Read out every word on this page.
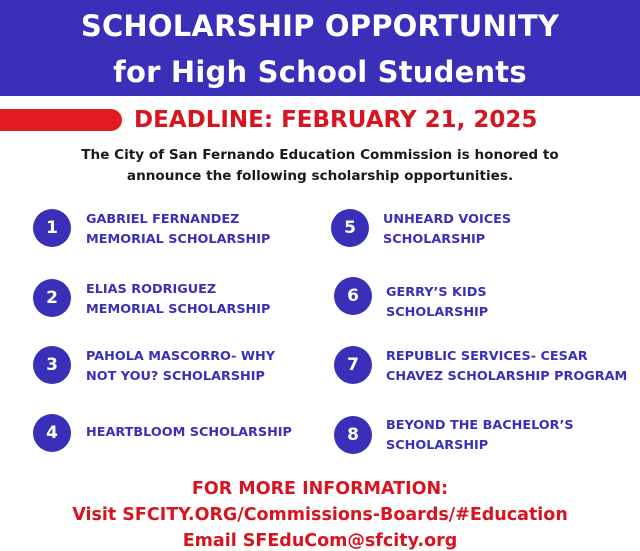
SCHOLARSHIP OPPORTUNITY
for High School Students
DEADLINE: FEBRUARY 21, 2025
The City of San Fernando Education Commission is honored to
announce the following scholarship opportunities.
1	GABRIEL FERNANDEZ
MEMORIAL SCHOLARSHIP
2	ELIAS RODRIGUEZ
MEMORIAL SCHOLARSHIP
3	PAHOLA MASCORRO- WHY
NOT YOU? SCHOLARSHIP
4	HEARTBLOOM SCHOLARSHIP
5	UNHEARD VOICES
SCHOLARSHIP
6	GERRY’S KIDS
SCHOLARSHIP
7	REPUBLIC SERVICES- CESAR
CHAVEZ SCHOLARSHIP PROGRAM
8	BEYOND THE BACHELOR’S
SCHOLARSHIP
FOR MORE INFORMATION:
Visit SFCITY.ORG/Commissions-Boards/#Education
Email SFEduCom@sfcity.org
